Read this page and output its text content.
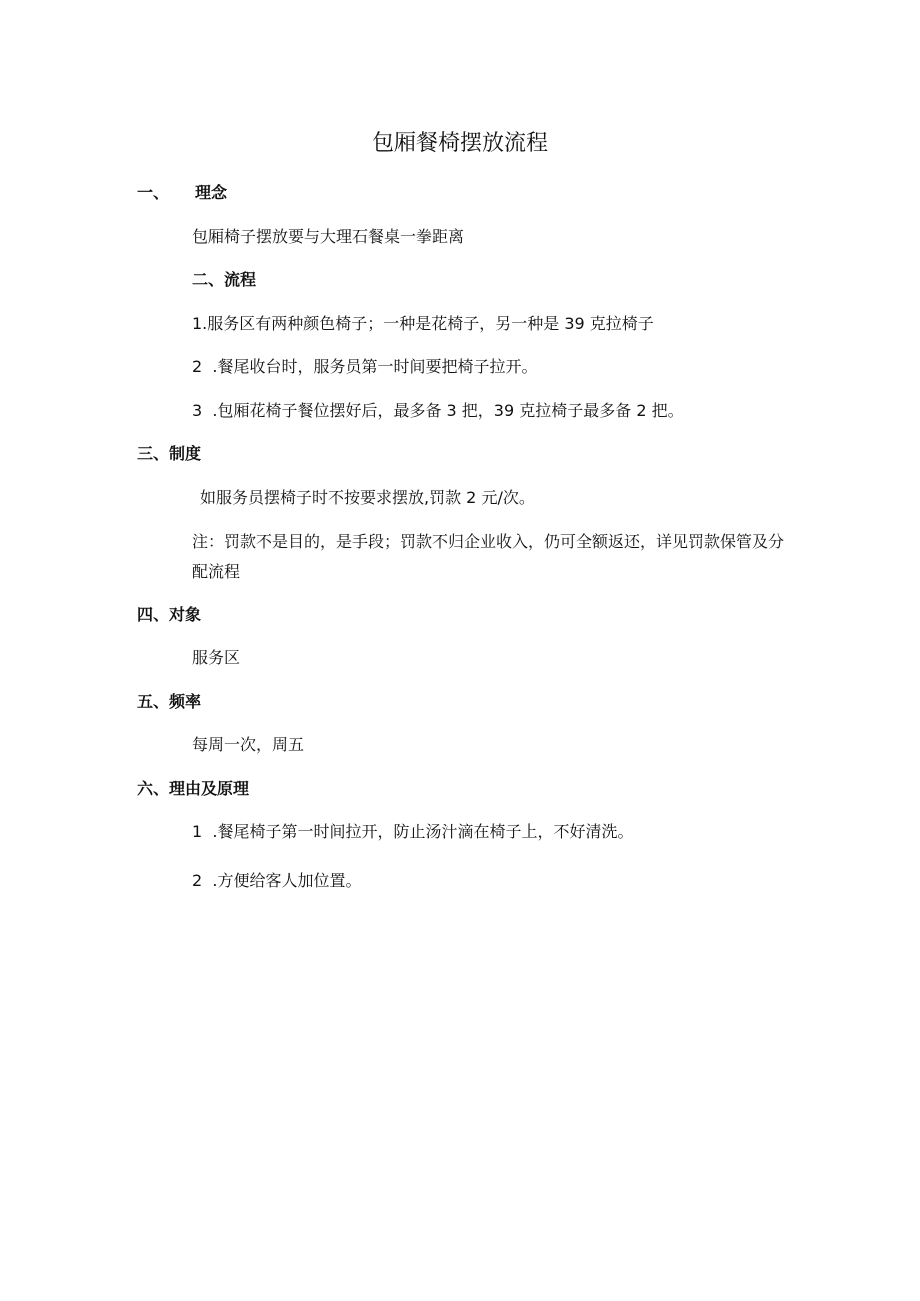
包厢餐椅摆放流程
一、 理念
包厢椅子摆放要与大理石餐桌一拳距离
二、流程
1.服务区有两种颜色椅子；一种是花椅子，另一种是 39 克拉椅子
2  .餐尾收台时，服务员第一时间要把椅子拉开。
3  .包厢花椅子餐位摆好后，最多备 3 把，39 克拉椅子最多备 2 把。
三、制度
如服务员摆椅子时不按要求摆放,罚款 2 元/次。
注：罚款不是目的，是手段；罚款不归企业收入，仍可全额返还，详见罚款保管及分配流程
四、对象
服务区
五、频率
每周一次，周五
六、理由及原理
1  .餐尾椅子第一时间拉开，防止汤汁滴在椅子上，不好清洗。
2  .方便给客人加位置。
